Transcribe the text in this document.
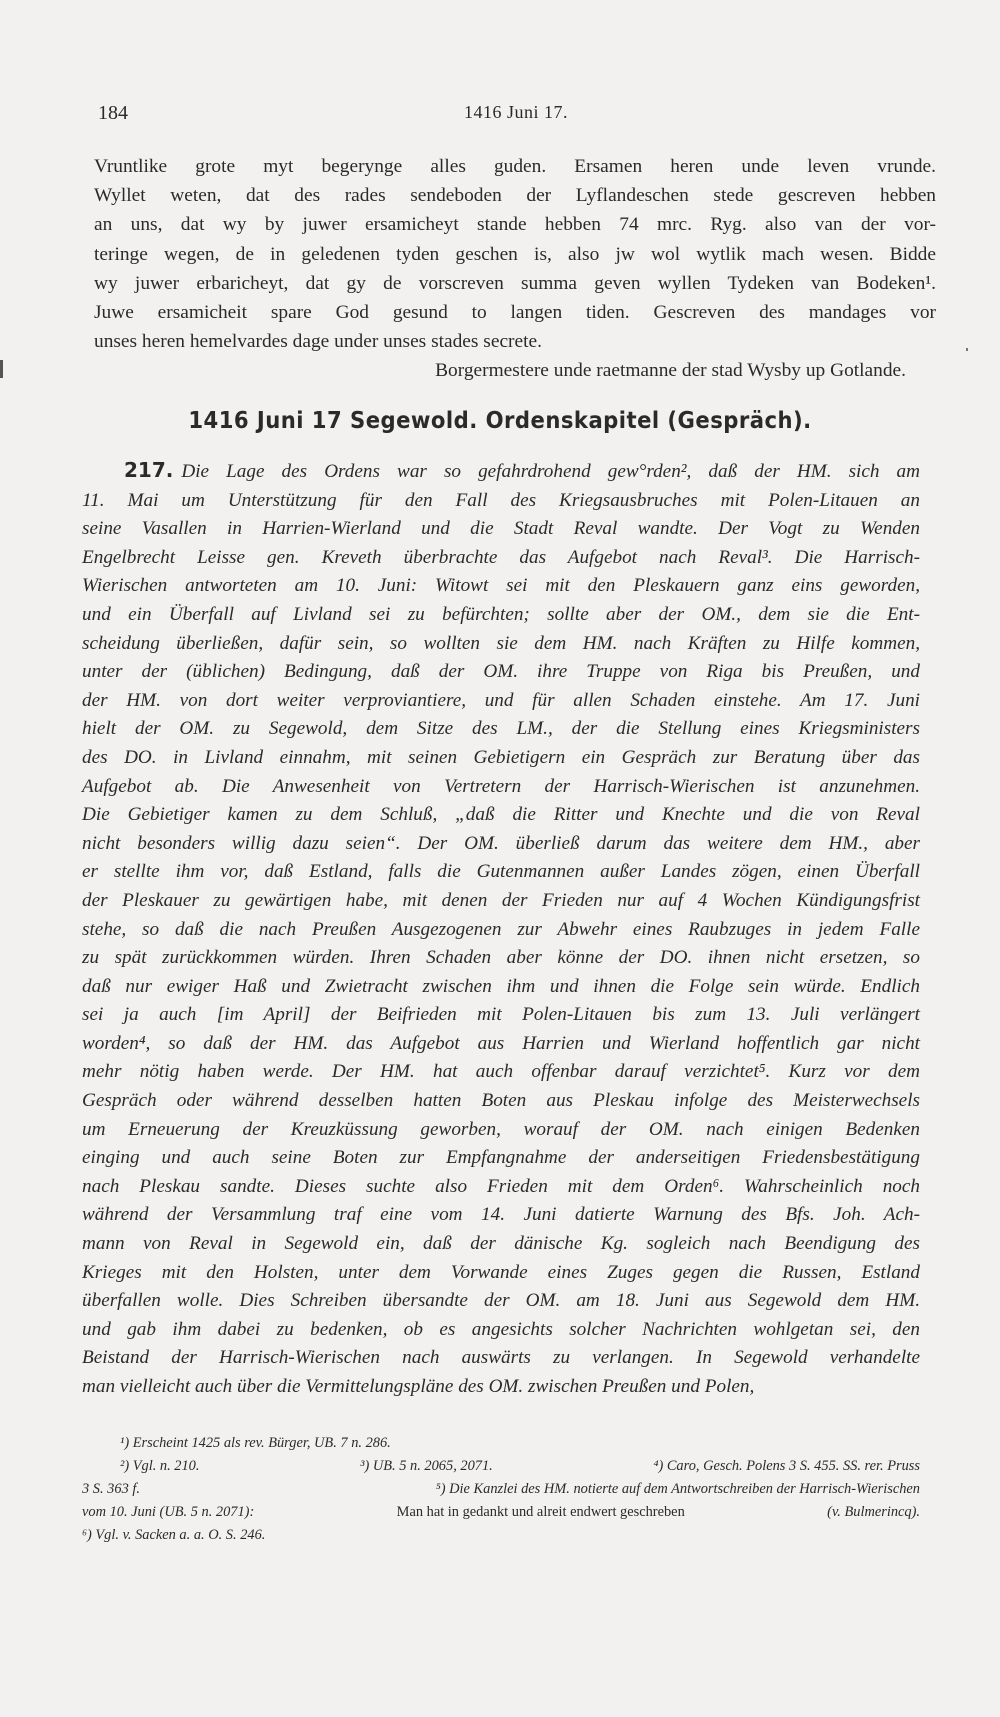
184	1416 Juni 17.
Vruntlike grote myt begerynge alles guden. Ersamen heren unde leven vrunde.
Wyllet weten, dat des rades sendeboden der Lyflandeschen stede gescreven hebben
an uns, dat wy by juwer ersamicheyt stande hebben 74 mrc. Ryg. also van der vor-
teringe wegen, de in geledenen tyden geschen is, also jw wol wytlik mach wesen. Bidde
wy juwer erbaricheyt, dat gy de vorscreven summa geven wyllen Tydeken van Bodeken¹.
Juwe ersamicheit spare God gesund to langen tiden. Gescreven des mandages vor
unses heren hemelvardes dage under unses stades secrete.
Borgermestere unde raetmanne der stad Wysby up Gotlande.
1416 Juni 17 Segewold. Ordenskapitel (Gespräch).
217. Die Lage des Ordens war so gefahrdrohend gew°rden², daß der HM. sich am
11. Mai um Unterstützung für den Fall des Kriegsausbruches mit Polen-Litauen an
seine Vasallen in Harrien-Wierland und die Stadt Reval wandte. Der Vogt zu Wenden
Engelbrecht Leisse gen. Kreveth überbrachte das Aufgebot nach Reval³. Die Harrisch-
Wierischen antworteten am 10. Juni: Witowt sei mit den Pleskauern ganz eins geworden,
und ein Überfall auf Livland sei zu befürchten; sollte aber der OM., dem sie die Ent-
scheidung überließen, dafür sein, so wollten sie dem HM. nach Kräften zu Hilfe kommen,
unter der (üblichen) Bedingung, daß der OM. ihre Truppe von Riga bis Preußen, und
der HM. von dort weiter verproviantiere, und für allen Schaden einstehe. Am 17. Juni
hielt der OM. zu Segewold, dem Sitze des LM., der die Stellung eines Kriegsministers
des DO. in Livland einnahm, mit seinen Gebietigern ein Gespräch zur Beratung über das
Aufgebot ab. Die Anwesenheit von Vertretern der Harrisch-Wierischen ist anzunehmen.
Die Gebietiger kamen zu dem Schluß, „daß die Ritter und Knechte und die von Reval
nicht besonders willig dazu seien“. Der OM. überließ darum das weitere dem HM., aber
er stellte ihm vor, daß Estland, falls die Gutenmannen außer Landes zögen, einen Überfall
der Pleskauer zu gewärtigen habe, mit denen der Frieden nur auf 4 Wochen Kündigungsfrist
stehe, so daß die nach Preußen Ausgezogenen zur Abwehr eines Raubzuges in jedem Falle
zu spät zurückkommen würden. Ihren Schaden aber könne der DO. ihnen nicht ersetzen, so
daß nur ewiger Haß und Zwietracht zwischen ihm und ihnen die Folge sein würde. Endlich
sei ja auch [im April] der Beifrieden mit Polen-Litauen bis zum 13. Juli verlängert
worden⁴, so daß der HM. das Aufgebot aus Harrien und Wierland hoffentlich gar nicht
mehr nötig haben werde. Der HM. hat auch offenbar darauf verzichtet⁵. Kurz vor dem
Gespräch oder während desselben hatten Boten aus Pleskau infolge des Meisterwechsels
um Erneuerung der Kreuzküssung geworben, worauf der OM. nach einigen Bedenken
einging und auch seine Boten zur Empfangnahme der anderseitigen Friedensbestätigung
nach Pleskau sandte. Dieses suchte also Frieden mit dem Orden⁶. Wahrscheinlich noch
während der Versammlung traf eine vom 14. Juni datierte Warnung des Bfs. Joh. Ach-
mann von Reval in Segewold ein, daß der dänische Kg. sogleich nach Beendigung des
Krieges mit den Holsten, unter dem Vorwande eines Zuges gegen die Russen, Estland
überfallen wolle. Dies Schreiben übersandte der OM. am 18. Juni aus Segewold dem HM.
und gab ihm dabei zu bedenken, ob es angesichts solcher Nachrichten wohlgetan sei, den
Beistand der Harrisch-Wierischen nach auswärts zu verlangen. In Segewold verhandelte
man vielleicht auch über die Vermittelungspläne des OM. zwischen Preußen und Polen,
¹) Erscheint 1425 als rev. Bürger, UB. 7 n. 286.
²) Vgl. n. 210.	³) UB. 5 n. 2065, 2071.	⁴) Caro, Gesch. Polens 3 S. 455. SS. rer. Pruss
3 S. 363 f.	⁵) Die Kanzlei des HM. notierte auf dem Antwortschreiben der Harrisch-Wierischen
vom 10. Juni (UB. 5 n. 2071):	Man hat in gedankt und alreit endwert geschreben	(v. Bulmerincq).
⁶) Vgl. v. Sacken a. a. O. S. 246.
